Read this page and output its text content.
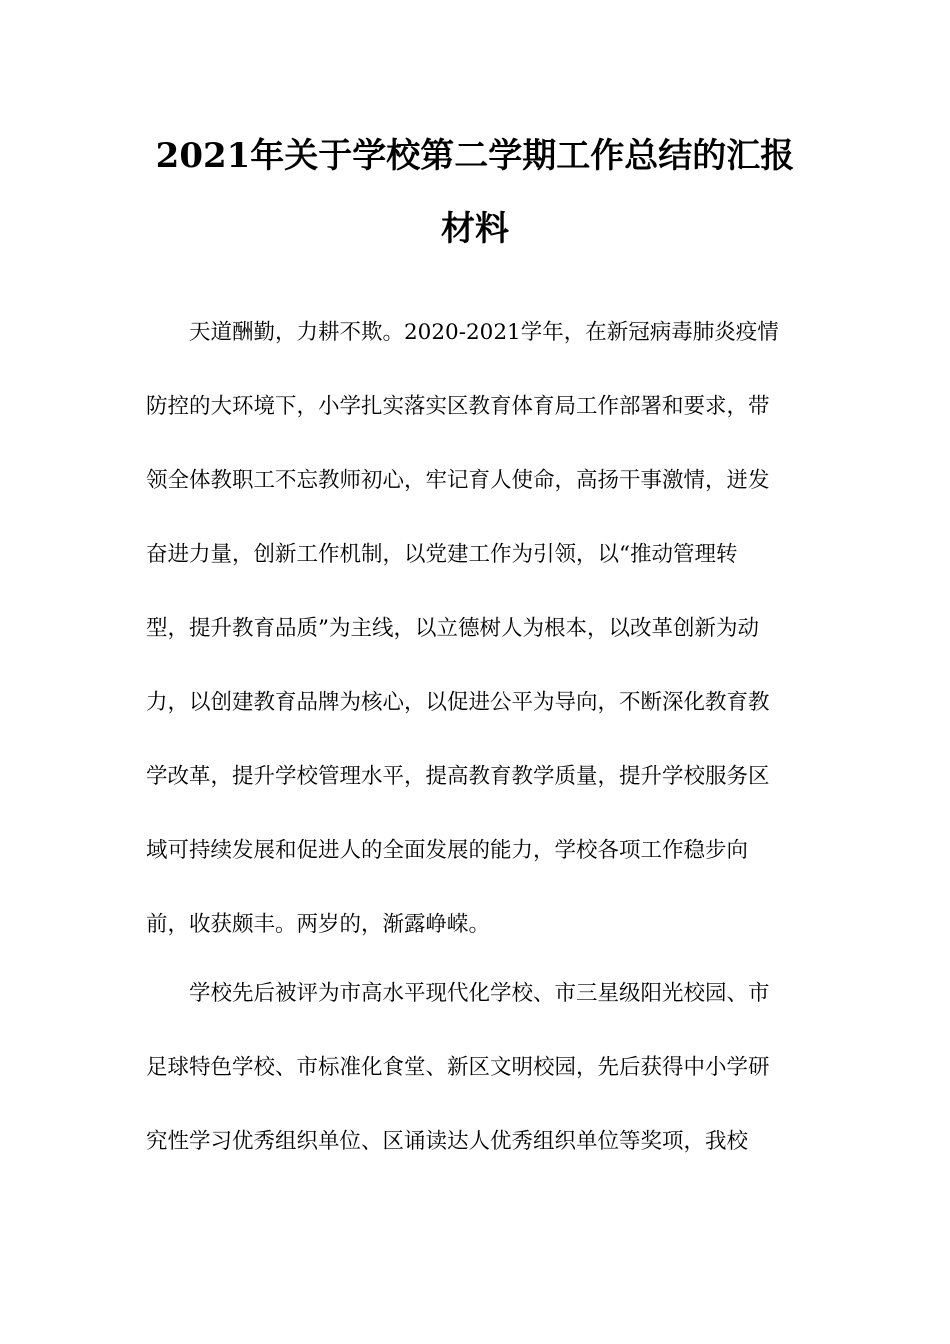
2021年关于学校第二学期工作总结的汇报
材料
天道酬勤，力耕不欺。2020-2021学年，在新冠病毒肺炎疫情
防控的大环境下，小学扎实落实区教育体育局工作部署和要求，带
领全体教职工不忘教师初心，牢记育人使命，高扬干事激情，迸发
奋进力量，创新工作机制，以党建工作为引领，以“推动管理转
型，提升教育品质”为主线，以立德树人为根本，以改革创新为动
力，以创建教育品牌为核心，以促进公平为导向，不断深化教育教
学改革，提升学校管理水平，提高教育教学质量，提升学校服务区
域可持续发展和促进人的全面发展的能力，学校各项工作稳步向
前，收获颇丰。两岁的，渐露峥嵘。
学校先后被评为市高水平现代化学校、市三星级阳光校园、市
足球特色学校、市标准化食堂、新区文明校园，先后获得中小学研
究性学习优秀组织单位、区诵读达人优秀组织单位等奖项，我校
